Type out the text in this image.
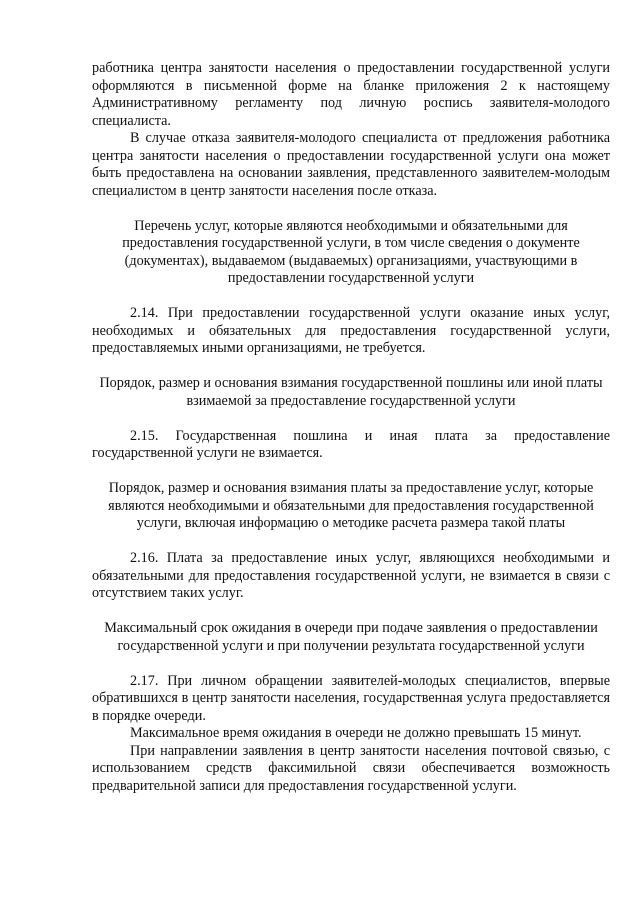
работника центра занятости населения о предоставлении государственной услуги оформляются в письменной форме на бланке приложения 2 к настоящему Административному регламенту под личную роспись заявителя-молодого специалиста.

В случае отказа заявителя-молодого специалиста от предложения работника центра занятости населения о предоставлении государственной услуги она может быть предоставлена на основании заявления, представленного заявителем-молодым специалистом в центр занятости населения после отказа.

Перечень услуг, которые являются необходимыми и обязательными для предоставления государственной услуги, в том числе сведения о документе (документах), выдаваемом (выдаваемых) организациями, участвующими в предоставлении государственной услуги

2.14. При предоставлении государственной услуги оказание иных услуг, необходимых и обязательных для предоставления государственной услуги, предоставляемых иными организациями, не требуется.

Порядок, размер и основания взимания государственной пошлины или иной платы взимаемой за предоставление государственной услуги

2.15. Государственная пошлина и иная плата за предоставление государственной услуги не взимается.

Порядок, размер и основания взимания платы за предоставление услуг, которые являются необходимыми и обязательными для предоставления государственной услуги, включая информацию о методике расчета размера такой платы

2.16. Плата за предоставление иных услуг, являющихся необходимыми и обязательными для предоставления государственной услуги, не взимается в связи с отсутствием таких услуг.

Максимальный срок ожидания в очереди при подаче заявления о предоставлении государственной услуги и при получении результата государственной услуги

2.17. При личном обращении заявителей-молодых специалистов, впервые обратившихся в центр занятости населения, государственная услуга предоставляется в порядке очереди.

Максимальное время ожидания в очереди не должно превышать 15 минут.

При направлении заявления в центр занятости населения почтовой связью, с использованием средств факсимильной связи обеспечивается возможность предварительной записи для предоставления государственной услуги.
